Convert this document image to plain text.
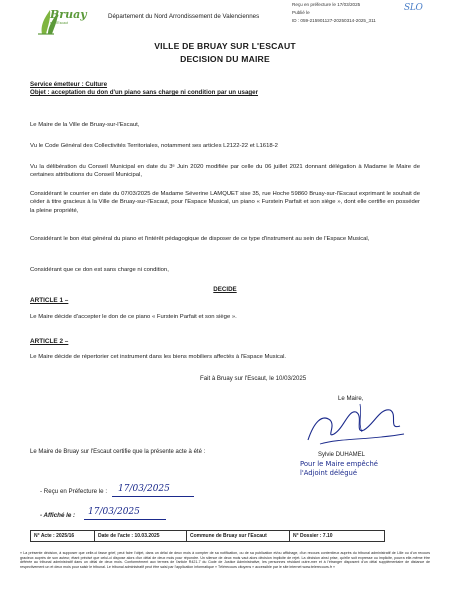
Bruay
sur l'Escaut
Département du Nord Arrondissement de Valenciennes
Reçu en préfecture le 17/03/2025
Publié le
ID : 059-215901127-20250314-2025_311
SLO
VILLE DE BRUAY SUR L'ESCAUT
DECISION DU MAIRE
Service émetteur : Culture
Objet : acceptation du don d'un piano sans charge ni condition par un usager
Le Maire de la Ville de Bruay-sur-l'Escaut,
Vu le Code Général des Collectivités Territoriales, notamment ses articles L2122-22 et L1618-2
Vu la délibération du Conseil Municipal en date du 3ᵉ Juin 2020 modifiée par celle du 06 juillet 2021 donnant délégation à Madame le Maire de certaines attributions du Conseil Municipal,
Considérant le courrier en date du 07/03/2025 de Madame Séverine LAMQUET sise 35, rue Hoche 59860 Bruay-sur-l'Escaut exprimant le souhait de céder à titre gracieux à la Ville de Bruay-sur-l'Escaut, pour l'Espace Musical, un piano « Furstein Parfait et son siège », dont elle certifie en posséder la pleine propriété,
Considérant le bon état général du piano et l'intérêt pédagogique de disposer de ce type d'instrument au sein de l'Espace Musical,
Considérant que ce don est sans charge ni condition,
DECIDE
ARTICLE 1 –
Le Maire décide d'accepter le don de ce piano « Furstein Parfait et son siège ».
ARTICLE 2 –
Le Maire décide de répertorier cet instrument dans les biens mobiliers affectés à l'Espace Musical.
Fait à Bruay sur l'Escaut, le 10/03/2025
Le Maire,
Sylvie DUHAMEL
Pour le Maire empêché
l'Adjoint délégué
Le Maire de Bruay sur l'Escaut certifie que la présente acte à été :
- Reçu en Préfecture le : 17/03/2025
- Affiché le : 17/03/2025
N° Acte : 2025/16	Date de l'acte : 10.03.2025	Commune de Bruay sur l'Escaut	N° Dossier : 7.10
« La présente décision, à supposer que celle-ci fasse grief, peut faire l'objet, dans un délai de deux mois à compter de sa notification, ou de sa publication et/ou affichage, d'un recours contentieux auprès du tribunal administratif de Lille ou d'un recours gracieux auprès de son auteur, étant précisé que celui-ci dispose alors d'un délai de deux mois pour répondre. Un silence de deux mois vaut alors décision implicite de rejet. La décision ainsi prise, qu'elle soit expresse ou implicite, pourra elle-même être déférée au tribunal administratif dans un délai de deux mois. Conformément aux termes de l'article R421-7 du Code de Justice Administrative, les personnes résidant outre-mer et à l'étranger disposent d'un délai supplémentaire de distance de respectivement un et deux mois pour saisir le tribunal. Le tribunal administratif peut être saisi par l'application informatique « Télérecours citoyens » accessible par le site internet www.telerecours.fr »
